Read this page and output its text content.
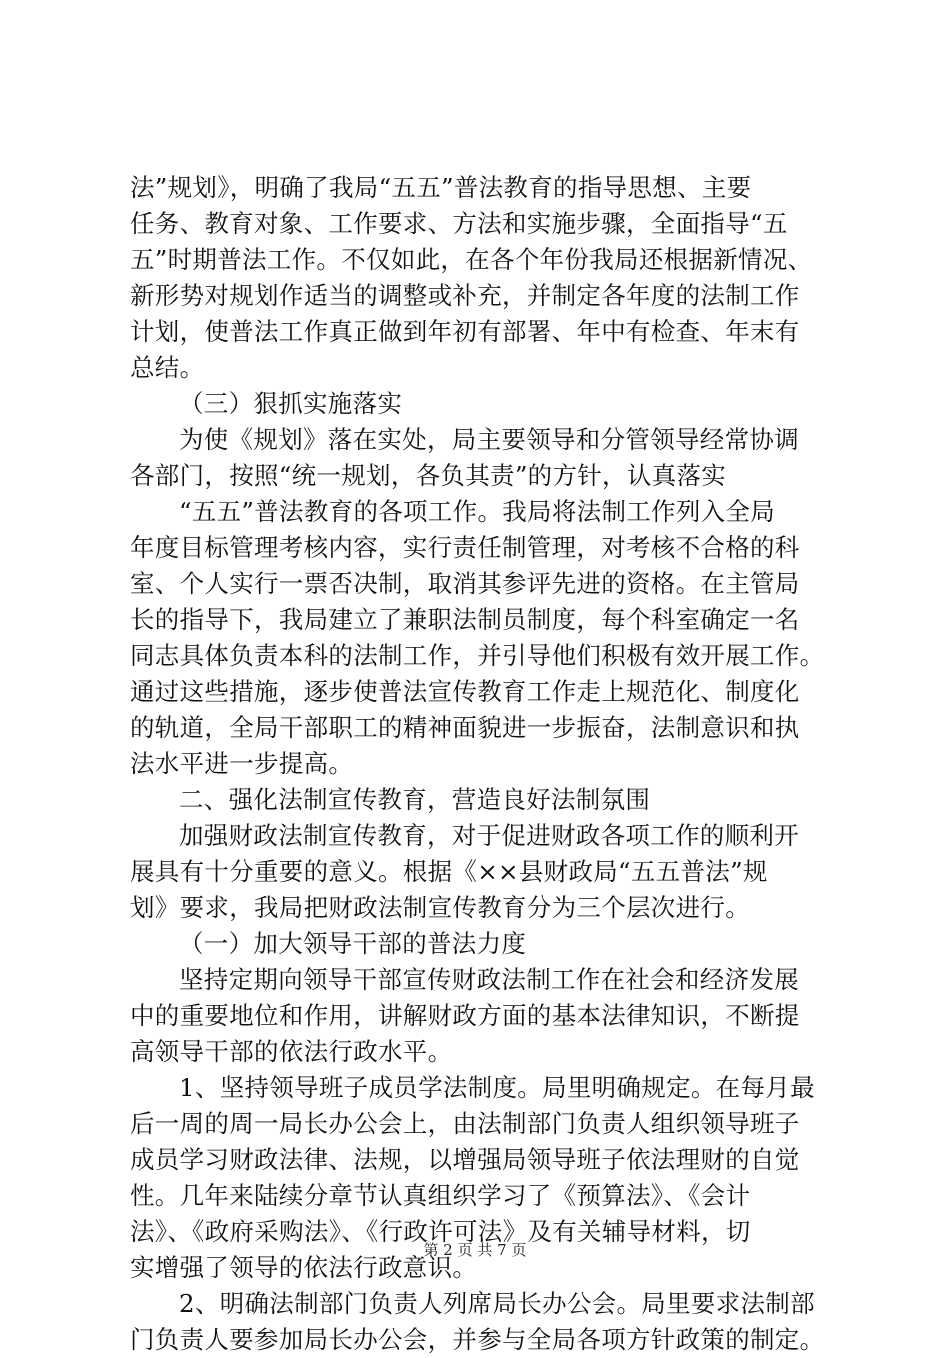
法”规划》，明确了我局“五五”普法教育的指导思想、主要
任务、教育对象、工作要求、方法和实施步骤，全面指导“五
五”时期普法工作。不仅如此，在各个年份我局还根据新情况、
新形势对规划作适当的调整或补充，并制定各年度的法制工作
计划，使普法工作真正做到年初有部署、年中有检查、年末有
总结。
（三）狠抓实施落实
为使《规划》落在实处，局主要领导和分管领导经常协调
各部门，按照“统一规划，各负其责”的方针，认真落实
“五五”普法教育的各项工作。我局将法制工作列入全局
年度目标管理考核内容，实行责任制管理，对考核不合格的科
室、个人实行一票否决制，取消其参评先进的资格。在主管局
长的指导下，我局建立了兼职法制员制度，每个科室确定一名
同志具体负责本科的法制工作，并引导他们积极有效开展工作。
通过这些措施，逐步使普法宣传教育工作走上规范化、制度化
的轨道，全局干部职工的精神面貌进一步振奋，法制意识和执
法水平进一步提高。
二、强化法制宣传教育，营造良好法制氛围
加强财政法制宣传教育，对于促进财政各项工作的顺利开
展具有十分重要的意义。根据《××县财政局“五五普法”规
划》要求，我局把财政法制宣传教育分为三个层次进行。
（一）加大领导干部的普法力度
坚持定期向领导干部宣传财政法制工作在社会和经济发展
中的重要地位和作用，讲解财政方面的基本法律知识，不断提
高领导干部的依法行政水平。
1、坚持领导班子成员学法制度。局里明确规定。在每月最
后一周的周一局长办公会上，由法制部门负责人组织领导班子
成员学习财政法律、法规，以增强局领导班子依法理财的自觉
性。几年来陆续分章节认真组织学习了《预算法》、《会计
法》、《政府采购法》、《行政许可法》及有关辅导材料，切
实增强了领导的依法行政意识。
2、明确法制部门负责人列席局长办公会。局里要求法制部
门负责人要参加局长办公会，并参与全局各项方针政策的制定。
第 2 页 共 7 页
